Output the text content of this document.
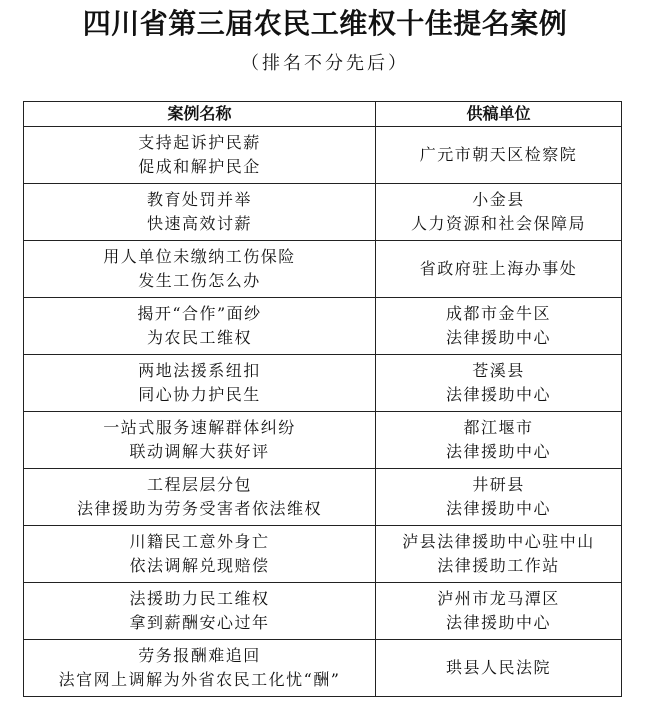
四川省第三届农民工维权十佳提名案例
（排名不分先后）
案例名称	供稿单位

支持起诉护民薪
促成和解护民企	广元市朝天区检察院

教育处罚并举
快速高效讨薪	小金县
人力资源和社会保障局

用人单位未缴纳工伤保险
发生工伤怎么办	省政府驻上海办事处

揭开“合作”面纱
为农民工维权	成都市金牛区
法律援助中心

两地法援系纽扣
同心协力护民生	苍溪县
法律援助中心

一站式服务速解群体纠纷
联动调解大获好评	都江堰市
法律援助中心

工程层层分包
法律援助为劳务受害者依法维权	井研县
法律援助中心

川籍民工意外身亡
依法调解兑现赔偿	泸县法律援助中心驻中山
法律援助工作站

法援助力民工维权
拿到薪酬安心过年	泸州市龙马潭区
法律援助中心

劳务报酬难追回
法官网上调解为外省农民工化忧“酬”	珙县人民法院
